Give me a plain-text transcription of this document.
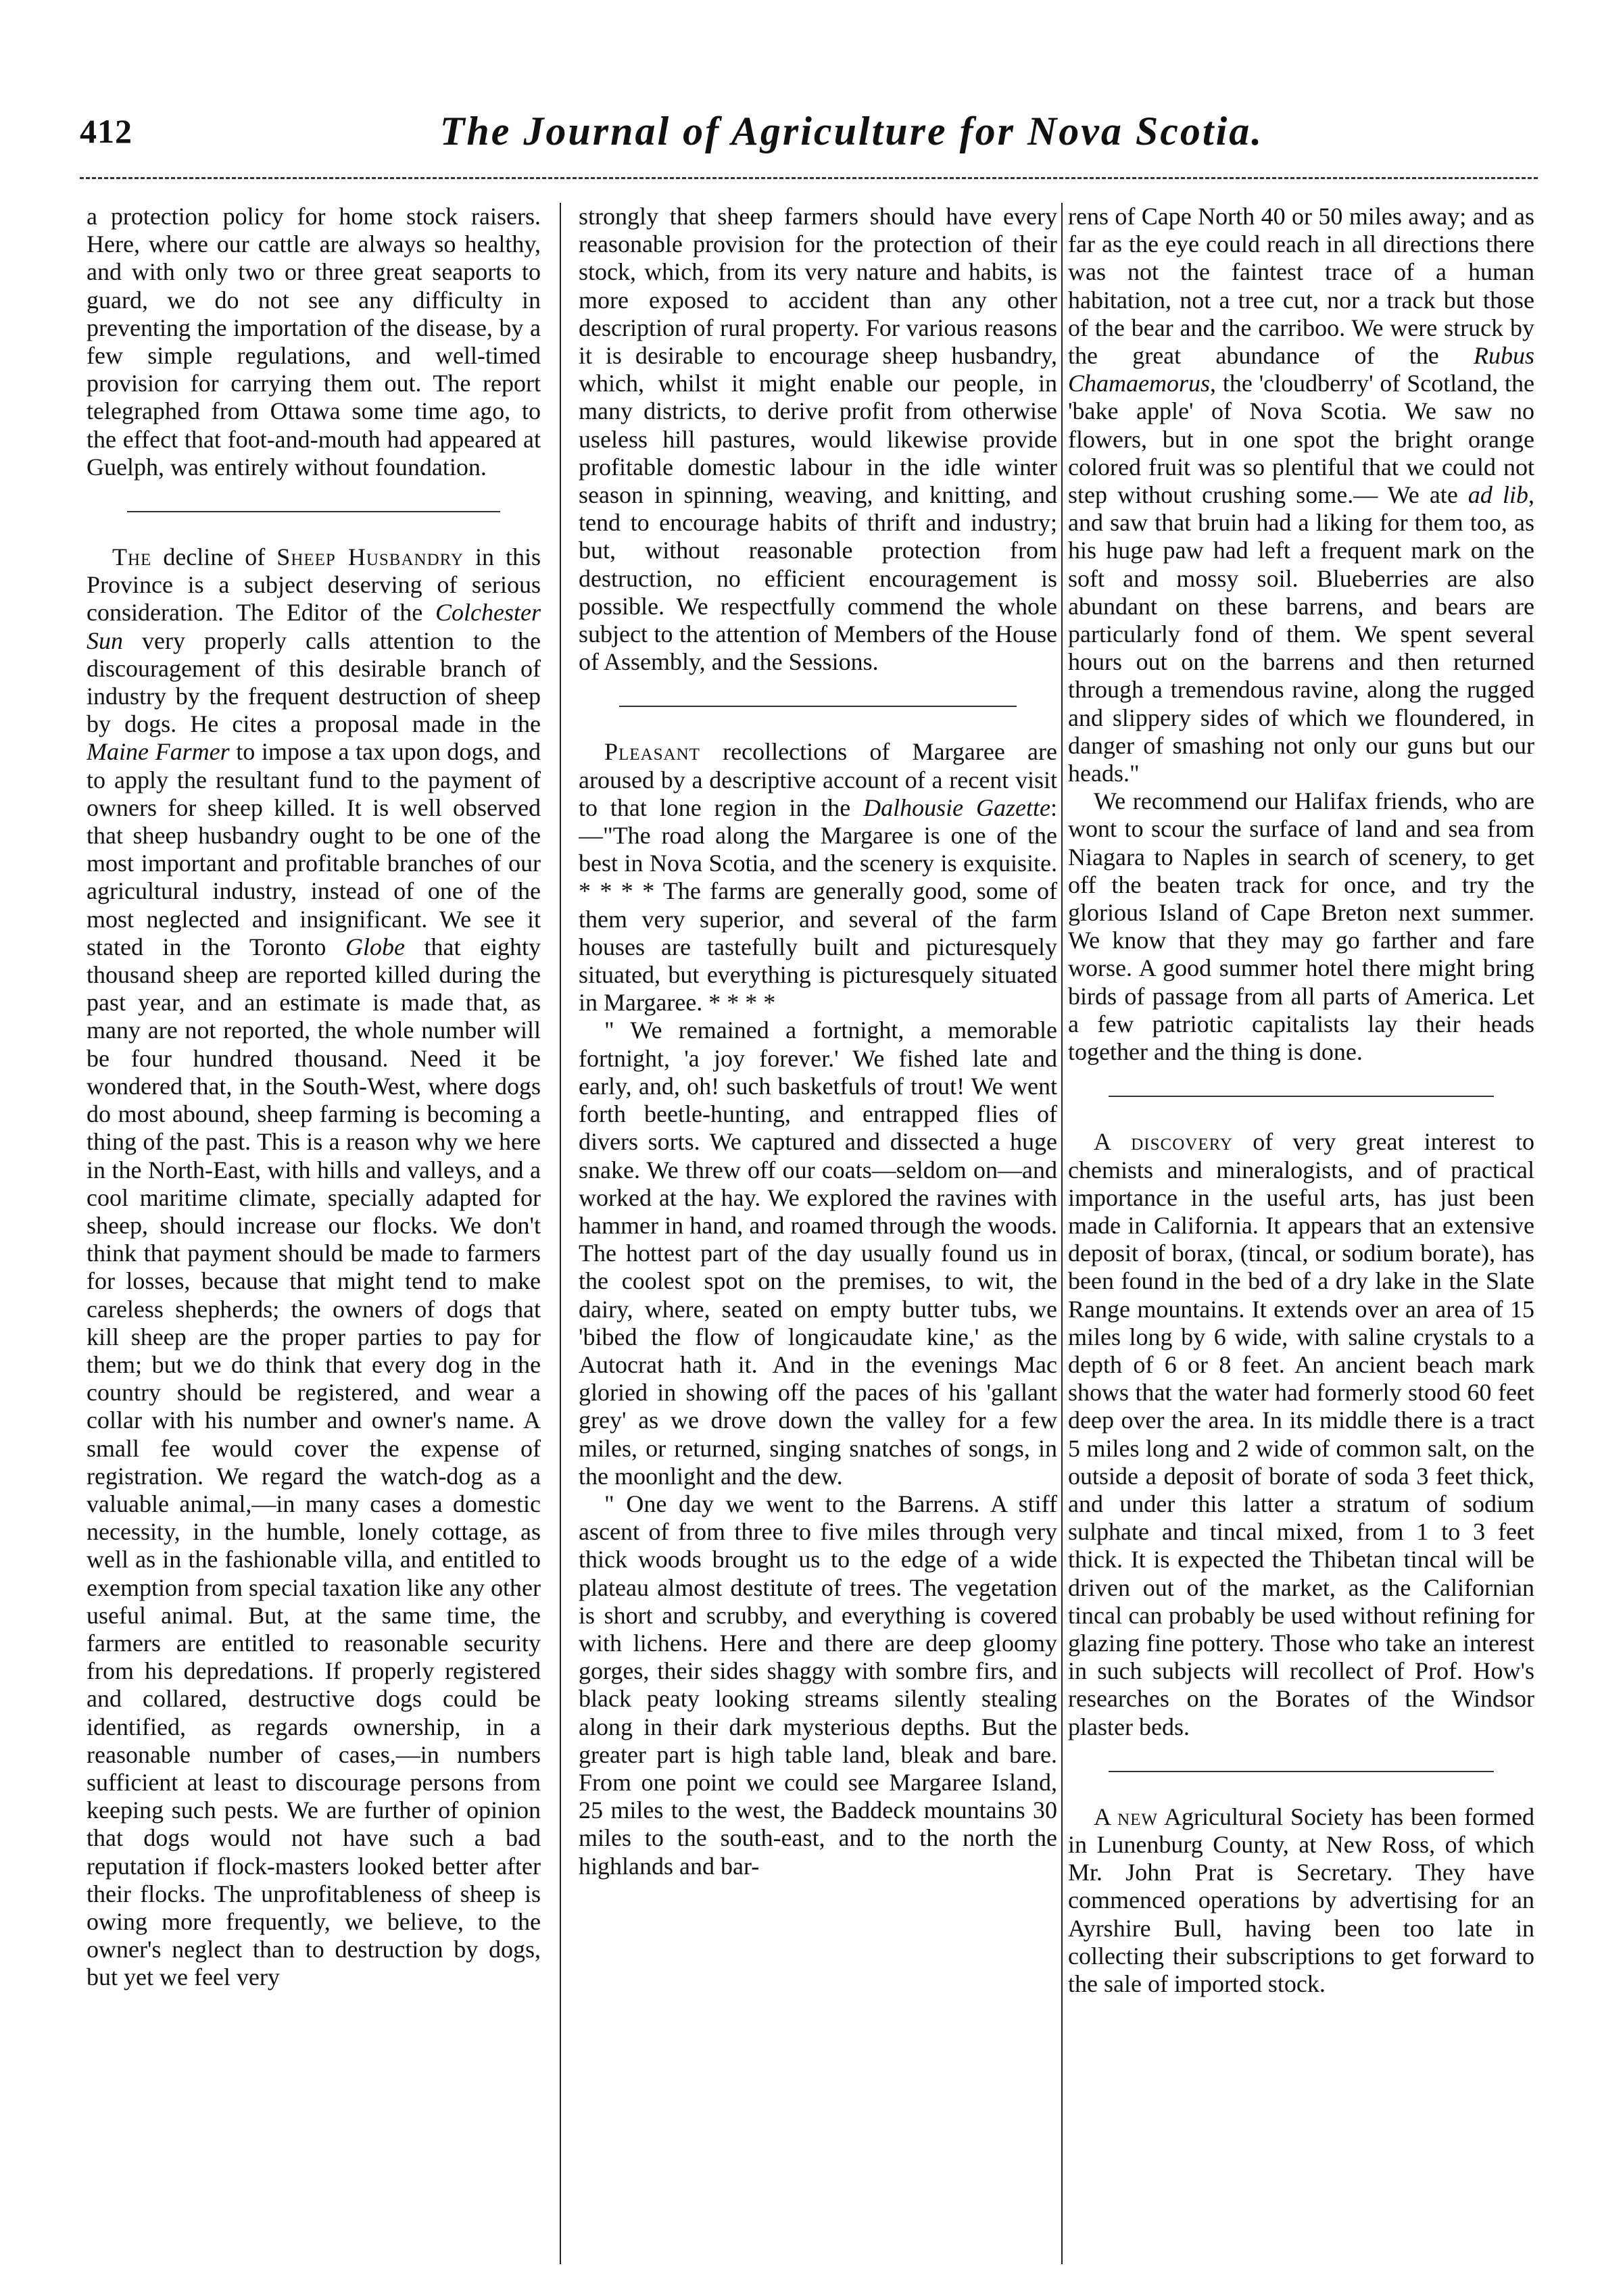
412	The Journal of Agriculture for Nova Scotia.

a protection policy for home stock raisers. Here, where our cattle are always so healthy, and with only two or three great seaports to guard, we do not see any difficulty in preventing the importation of the disease, by a few simple regulations, and well-timed provision for carrying them out. The report telegraphed from Ottawa some time ago, to the effect that foot-and-mouth had appeared at Guelph, was entirely without foundation.

The decline of Sheep Husbandry in this Province is a subject deserving of serious consideration. The Editor of the Colchester Sun very properly calls attention to the discouragement of this desirable branch of industry by the frequent destruction of sheep by dogs. He cites a proposal made in the Maine Farmer to impose a tax upon dogs, and to apply the resultant fund to the payment of owners for sheep killed. It is well observed that sheep husbandry ought to be one of the most important and profitable branches of our agricultural industry, instead of one of the most neglected and insignificant. We see it stated in the Toronto Globe that eighty thousand sheep are reported killed during the past year, and an estimate is made that, as many are not reported, the whole number will be four hundred thousand. Need it be wondered that, in the South-West, where dogs do most abound, sheep farming is becoming a thing of the past. This is a reason why we here in the North-East, with hills and valleys, and a cool maritime climate, specially adapted for sheep, should increase our flocks. We don't think that payment should be made to farmers for losses, because that might tend to make careless shepherds; the owners of dogs that kill sheep are the proper parties to pay for them; but we do think that every dog in the country should be registered, and wear a collar with his number and owner's name. A small fee would cover the expense of registration. We regard the watch-dog as a valuable animal,—in many cases a domestic necessity, in the humble, lonely cottage, as well as in the fashionable villa, and entitled to exemption from special taxation like any other useful animal. But, at the same time, the farmers are entitled to reasonable security from his depredations. If properly registered and collared, destructive dogs could be identified, as regards ownership, in a reasonable number of cases,—in numbers sufficient at least to discourage persons from keeping such pests. We are further of opinion that dogs would not have such a bad reputation if flock-masters looked better after their flocks. The unprofitableness of sheep is owing more frequently, we believe, to the owner's neglect than to destruction by dogs, but yet we feel very

strongly that sheep farmers should have every reasonable provision for the protection of their stock, which, from its very nature and habits, is more exposed to accident than any other description of rural property. For various reasons it is desirable to encourage sheep husbandry, which, whilst it might enable our people, in many districts, to derive profit from otherwise useless hill pastures, would likewise provide profitable domestic labour in the idle winter season in spinning, weaving, and knitting, and tend to encourage habits of thrift and industry; but, without reasonable protection from destruction, no efficient encouragement is possible. We respectfully commend the whole subject to the attention of Members of the House of Assembly, and the Sessions.

Pleasant recollections of Margaree are aroused by a descriptive account of a recent visit to that lone region in the Dalhousie Gazette:—"The road along the Margaree is one of the best in Nova Scotia, and the scenery is exquisite. * * * * The farms are generally good, some of them very superior, and several of the farm houses are tastefully built and picturesquely situated, but everything is picturesquely situated in Margaree. * * * *

" We remained a fortnight, a memorable fortnight, 'a joy forever.' We fished late and early, and, oh! such basketfuls of trout! We went forth beetle-hunting, and entrapped flies of divers sorts. We captured and dissected a huge snake. We threw off our coats—seldom on—and worked at the hay. We explored the ravines with hammer in hand, and roamed through the woods. The hottest part of the day usually found us in the coolest spot on the premises, to wit, the dairy, where, seated on empty butter tubs, we 'bibed the flow of longicaudate kine,' as the Autocrat hath it. And in the evenings Mac gloried in showing off the paces of his 'gallant grey' as we drove down the valley for a few miles, or returned, singing snatches of songs, in the moonlight and the dew.

" One day we went to the Barrens. A stiff ascent of from three to five miles through very thick woods brought us to the edge of a wide plateau almost destitute of trees. The vegetation is short and scrubby, and everything is covered with lichens. Here and there are deep gloomy gorges, their sides shaggy with sombre firs, and black peaty looking streams silently stealing along in their dark mysterious depths. But the greater part is high table land, bleak and bare. From one point we could see Margaree Island, 25 miles to the west, the Baddeck mountains 30 miles to the south-east, and to the north the highlands and bar-

rens of Cape North 40 or 50 miles away; and as far as the eye could reach in all directions there was not the faintest trace of a human habitation, not a tree cut, nor a track but those of the bear and the carriboo. We were struck by the great abundance of the Rubus Chamaemorus, the 'cloudberry' of Scotland, the 'bake apple' of Nova Scotia. We saw no flowers, but in one spot the bright orange colored fruit was so plentiful that we could not step without crushing some.— We ate ad lib, and saw that bruin had a liking for them too, as his huge paw had left a frequent mark on the soft and mossy soil. Blueberries are also abundant on these barrens, and bears are particularly fond of them. We spent several hours out on the barrens and then returned through a tremendous ravine, along the rugged and slippery sides of which we floundered, in danger of smashing not only our guns but our heads."

We recommend our Halifax friends, who are wont to scour the surface of land and sea from Niagara to Naples in search of scenery, to get off the beaten track for once, and try the glorious Island of Cape Breton next summer. We know that they may go farther and fare worse. A good summer hotel there might bring birds of passage from all parts of America. Let a few patriotic capitalists lay their heads together and the thing is done.

A discovery of very great interest to chemists and mineralogists, and of practical importance in the useful arts, has just been made in California. It appears that an extensive deposit of borax, (tincal, or sodium borate), has been found in the bed of a dry lake in the Slate Range mountains. It extends over an area of 15 miles long by 6 wide, with saline crystals to a depth of 6 or 8 feet. An ancient beach mark shows that the water had formerly stood 60 feet deep over the area. In its middle there is a tract 5 miles long and 2 wide of common salt, on the outside a deposit of borate of soda 3 feet thick, and under this latter a stratum of sodium sulphate and tincal mixed, from 1 to 3 feet thick. It is expected the Thibetan tincal will be driven out of the market, as the Californian tincal can probably be used without refining for glazing fine pottery. Those who take an interest in such subjects will recollect of Prof. How's researches on the Borates of the Windsor plaster beds.

A new Agricultural Society has been formed in Lunenburg County, at New Ross, of which Mr. John Prat is Secretary. They have commenced operations by advertising for an Ayrshire Bull, having been too late in collecting their subscriptions to get forward to the sale of imported stock.
